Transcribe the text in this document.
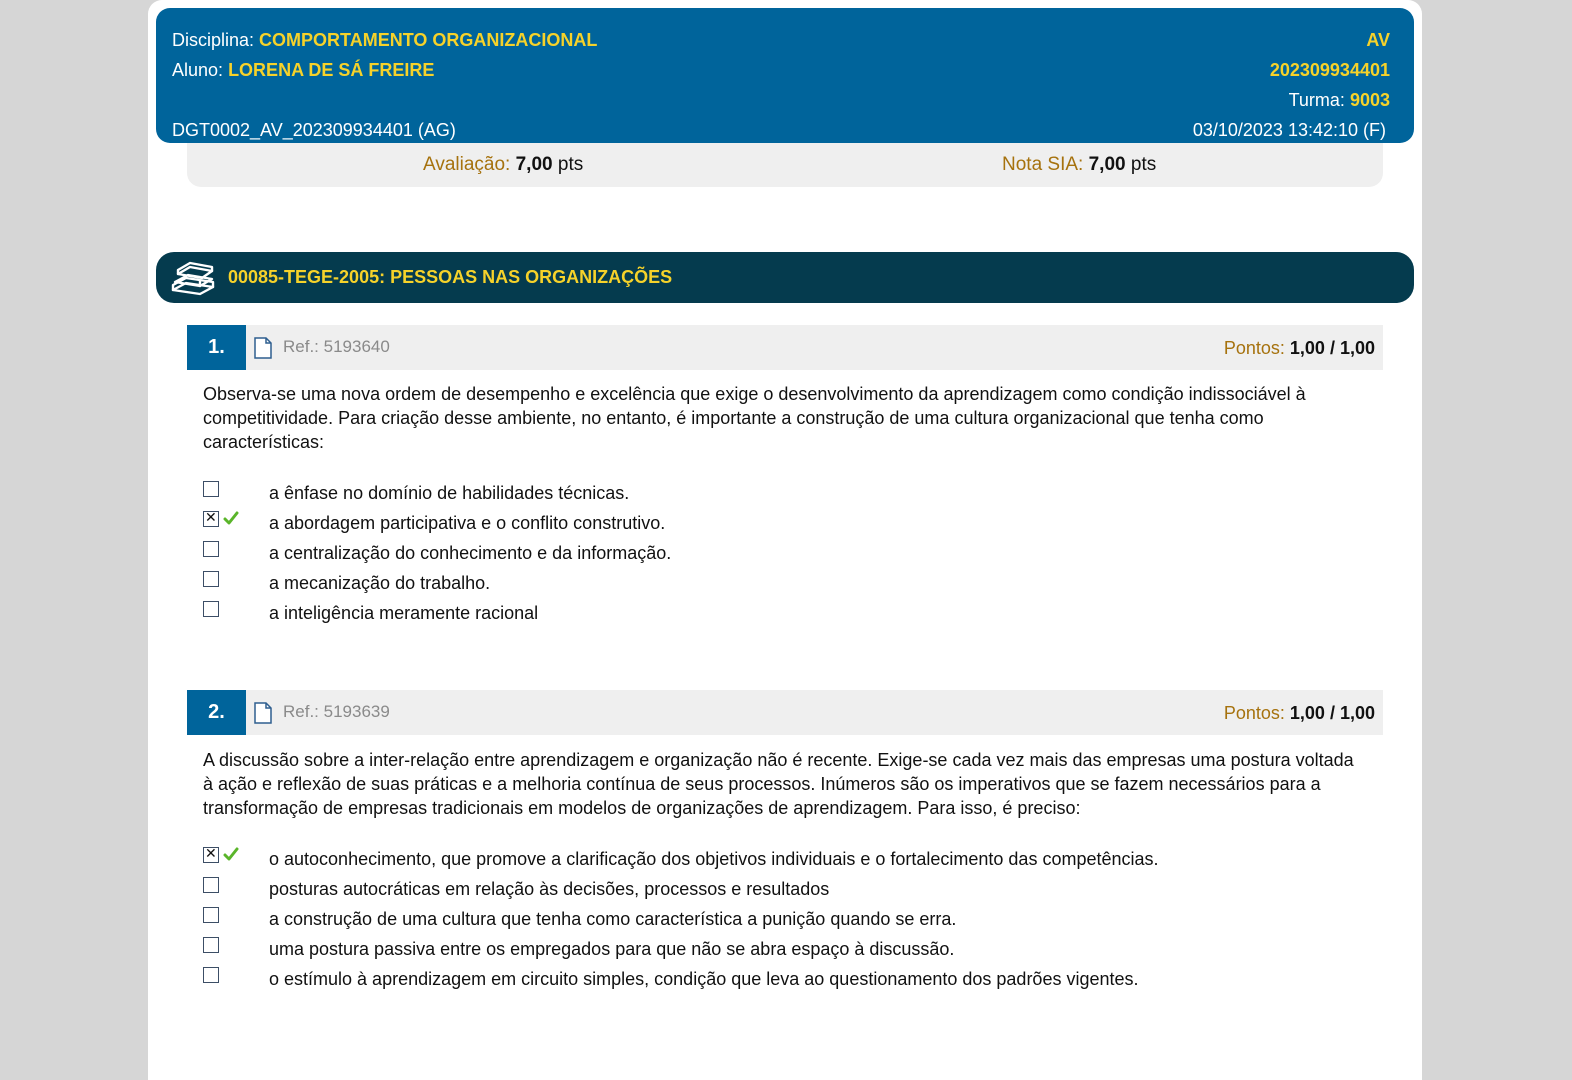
Disciplina: COMPORTAMENTO ORGANIZACIONAL
Aluno: LORENA DE SÁ FREIRE
DGT0002_AV_202309934401 (AG)
AV
202309934401
Turma: 9003
03/10/2023 13:42:10 (F)
Avaliação: 7,00 pts	Nota SIA: 7,00 pts
00085-TEGE-2005: PESSOAS NAS ORGANIZAÇÕES
1.	Ref.: 5193640	Pontos: 1,00 / 1,00
Observa-se uma nova ordem de desempenho e excelência que exige o desenvolvimento da aprendizagem como condição indissociável à competitividade. Para criação desse ambiente, no entanto, é importante a construção de uma cultura organizacional que tenha como características:
a ênfase no domínio de habilidades técnicas.
✕
a abordagem participativa e o conflito construtivo.
a centralização do conhecimento e da informação.
a mecanização do trabalho.
a inteligência meramente racional
2.	Ref.: 5193639	Pontos: 1,00 / 1,00
A discussão sobre a inter-relação entre aprendizagem e organização não é recente. Exige-se cada vez mais das empresas uma postura voltada à ação e reflexão de suas práticas e a melhoria contínua de seus processos. Inúmeros são os imperativos que se fazem necessários para a transformação de empresas tradicionais em modelos de organizações de aprendizagem. Para isso, é preciso:
✕
o autoconhecimento, que promove a clarificação dos objetivos individuais e o fortalecimento das competências.
posturas autocráticas em relação às decisões, processos e resultados
a construção de uma cultura que tenha como característica a punição quando se erra.
uma postura passiva entre os empregados para que não se abra espaço à discussão.
o estímulo à aprendizagem em circuito simples, condição que leva ao questionamento dos padrões vigentes.
